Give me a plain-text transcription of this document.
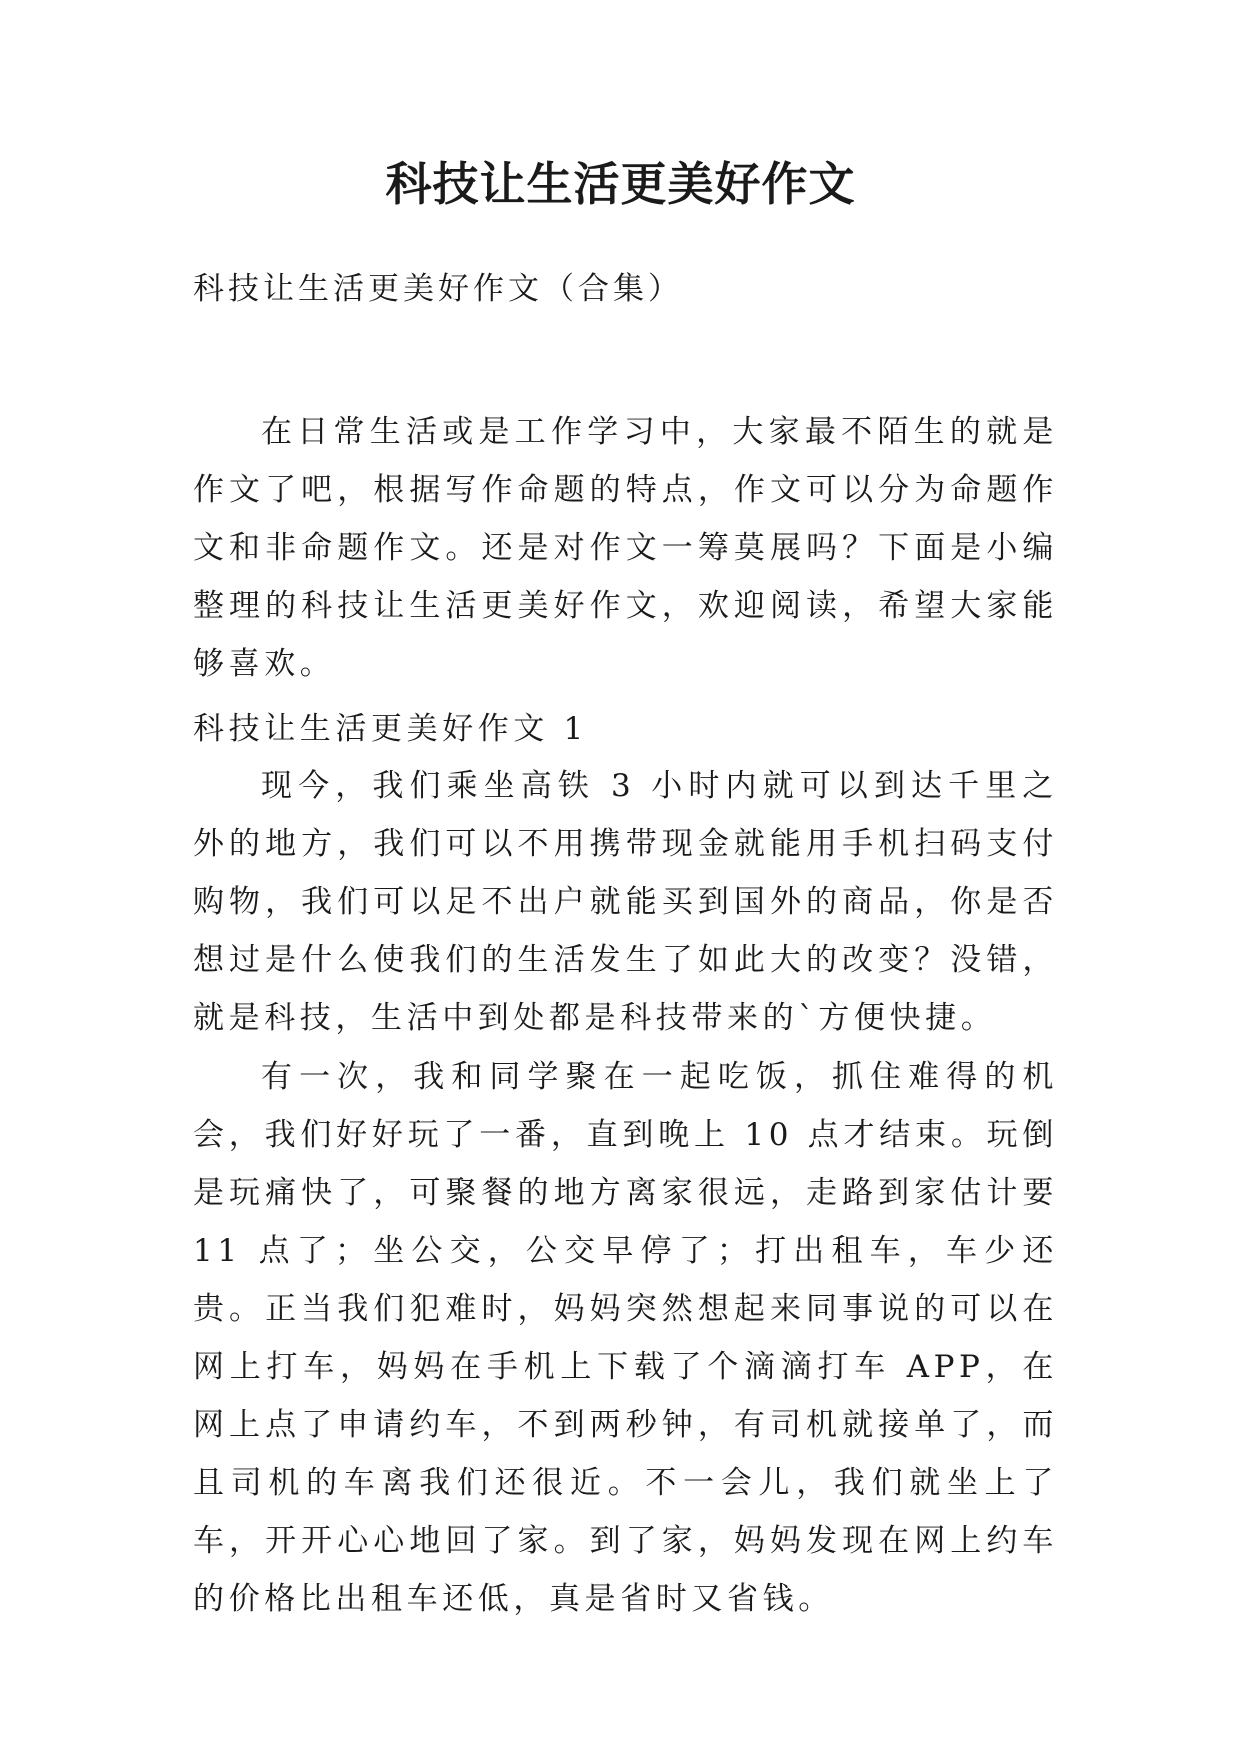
科技让生活更美好作文

科技让生活更美好作文（合集）

在日常生活或是工作学习中，大家最不陌生的就是作文了吧，根据写作命题的特点，作文可以分为命题作文和非命题作文。还是对作文一筹莫展吗？下面是小编整理的科技让生活更美好作文，欢迎阅读，希望大家能够喜欢。

科技让生活更美好作文 1

现今，我们乘坐高铁 3 小时内就可以到达千里之外的地方，我们可以不用携带现金就能用手机扫码支付购物，我们可以足不出户就能买到国外的商品，你是否想过是什么使我们的生活发生了如此大的改变？没错，就是科技，生活中到处都是科技带来的`方便快捷。

有一次，我和同学聚在一起吃饭，抓住难得的机会，我们好好玩了一番，直到晚上 10 点才结束。玩倒是玩痛快了，可聚餐的地方离家很远，走路到家估计要 11 点了；坐公交，公交早停了；打出租车，车少还贵。正当我们犯难时，妈妈突然想起来同事说的可以在网上打车，妈妈在手机上下载了个滴滴打车 APP，在网上点了申请约车，不到两秒钟，有司机就接单了，而且司机的车离我们还很近。不一会儿，我们就坐上了车，开开心心地回了家。到了家，妈妈发现在网上约车的价格比出租车还低，真是省时又省钱。
